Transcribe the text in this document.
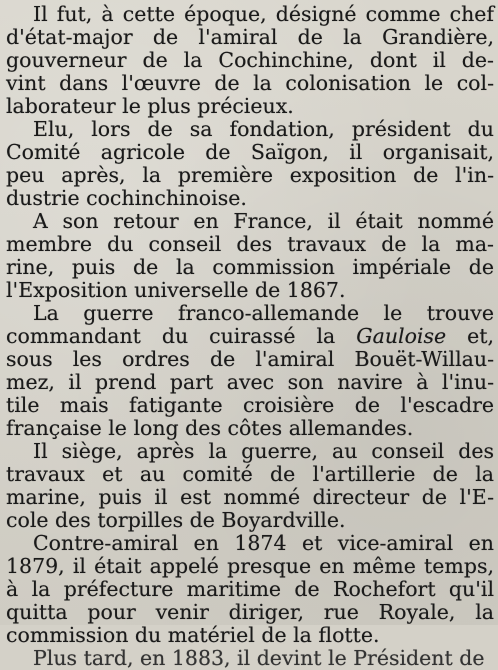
Il fut, à cette époque, désigné comme chef
d'état-major de l'amiral de la Grandière,
gouverneur de la Cochinchine, dont il de-
vint dans l'œuvre de la colonisation le col-
laborateur le plus précieux.
Elu, lors de sa fondation, président du
Comité agricole de Saïgon, il organisait,
peu après, la première exposition de l'in-
dustrie cochinchinoise.
A son retour en France, il était nommé
membre du conseil des travaux de la ma-
rine, puis de la commission impériale de
l'Exposition universelle de 1867.
La guerre franco-allemande le trouve
commandant du cuirassé la Gauloise et,
sous les ordres de l'amiral Bouët-Willau-
mez, il prend part avec son navire à l'inu-
tile mais fatigante croisière de l'escadre
française le long des côtes allemandes.
Il siège, après la guerre, au conseil des
travaux et au comité de l'artillerie de la
marine, puis il est nommé directeur de l'E-
cole des torpilles de Boyardville.
Contre-amiral en 1874 et vice-amiral en
1879, il était appelé presque en même temps,
à la préfecture maritime de Rochefort qu'il
quitta pour venir diriger, rue Royale, la
commission du matériel de la flotte.
Plus tard, en 1883, il devint le Président de
